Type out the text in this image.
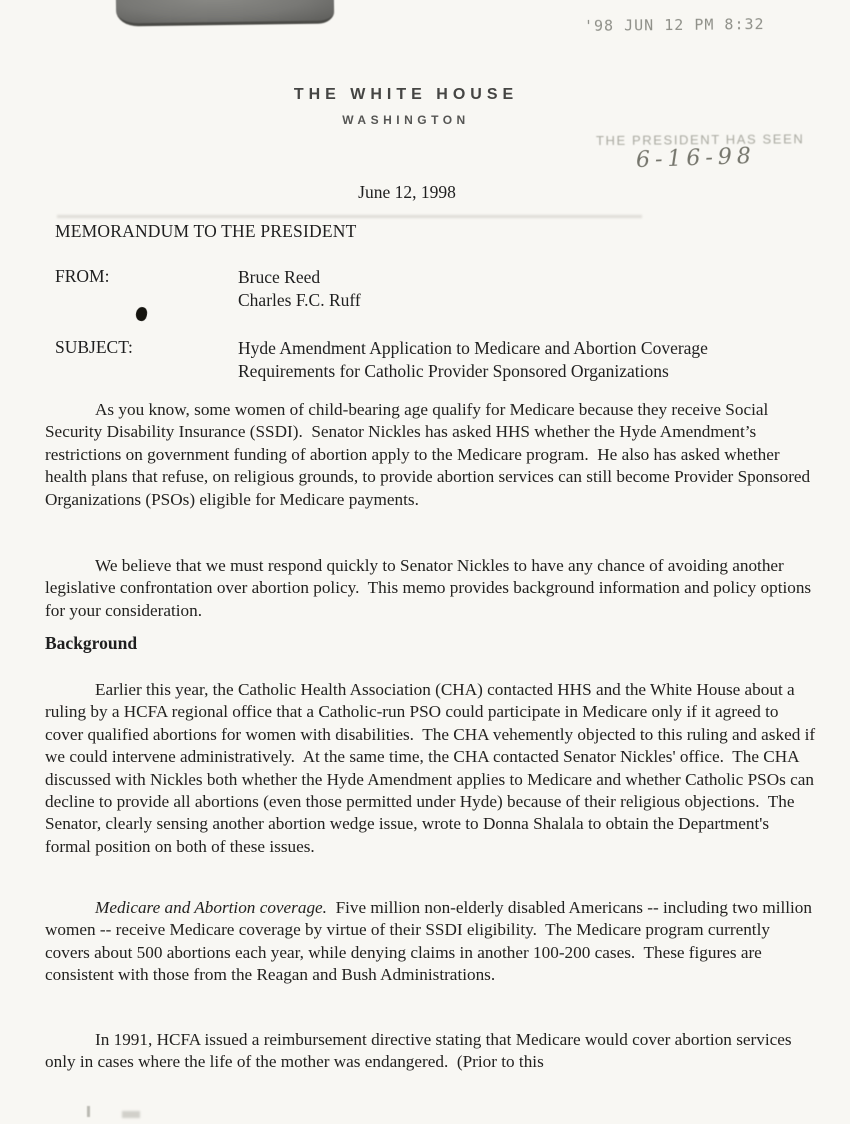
'98 JUN 12 PM 8:32
THE WHITE HOUSE
WASHINGTON
THE PRESIDENT HAS SEEN
6-16-98
June 12, 1998
MEMORANDUM TO THE PRESIDENT
FROM:	Bruce Reed
Charles F.C. Ruff
SUBJECT:	Hyde Amendment Application to Medicare and Abortion Coverage Requirements for Catholic Provider Sponsored Organizations
As you know, some women of child-bearing age qualify for Medicare because they receive Social Security Disability Insurance (SSDI).  Senator Nickles has asked HHS whether the Hyde Amendment’s restrictions on government funding of abortion apply to the Medicare program.  He also has asked whether health plans that refuse, on religious grounds, to provide abortion services can still become Provider Sponsored Organizations (PSOs) eligible for Medicare payments.
We believe that we must respond quickly to Senator Nickles to have any chance of avoiding another legislative confrontation over abortion policy.  This memo provides background information and policy options for your consideration.
Background
Earlier this year, the Catholic Health Association (CHA) contacted HHS and the White House about a ruling by a HCFA regional office that a Catholic-run PSO could participate in Medicare only if it agreed to cover qualified abortions for women with disabilities.  The CHA vehemently objected to this ruling and asked if we could intervene administratively.  At the same time, the CHA contacted Senator Nickles' office.  The CHA discussed with Nickles both whether the Hyde Amendment applies to Medicare and whether Catholic PSOs can decline to provide all abortions (even those permitted under Hyde) because of their religious objections.  The Senator, clearly sensing another abortion wedge issue, wrote to Donna Shalala to obtain the Department's formal position on both of these issues.
Medicare and Abortion coverage.  Five million non-elderly disabled Americans -- including two million women -- receive Medicare coverage by virtue of their SSDI eligibility.  The Medicare program currently covers about 500 abortions each year, while denying claims in another 100-200 cases.  These figures are consistent with those from the Reagan and Bush Administrations.
In 1991, HCFA issued a reimbursement directive stating that Medicare would cover abortion services only in cases where the life of the mother was endangered.  (Prior to this
